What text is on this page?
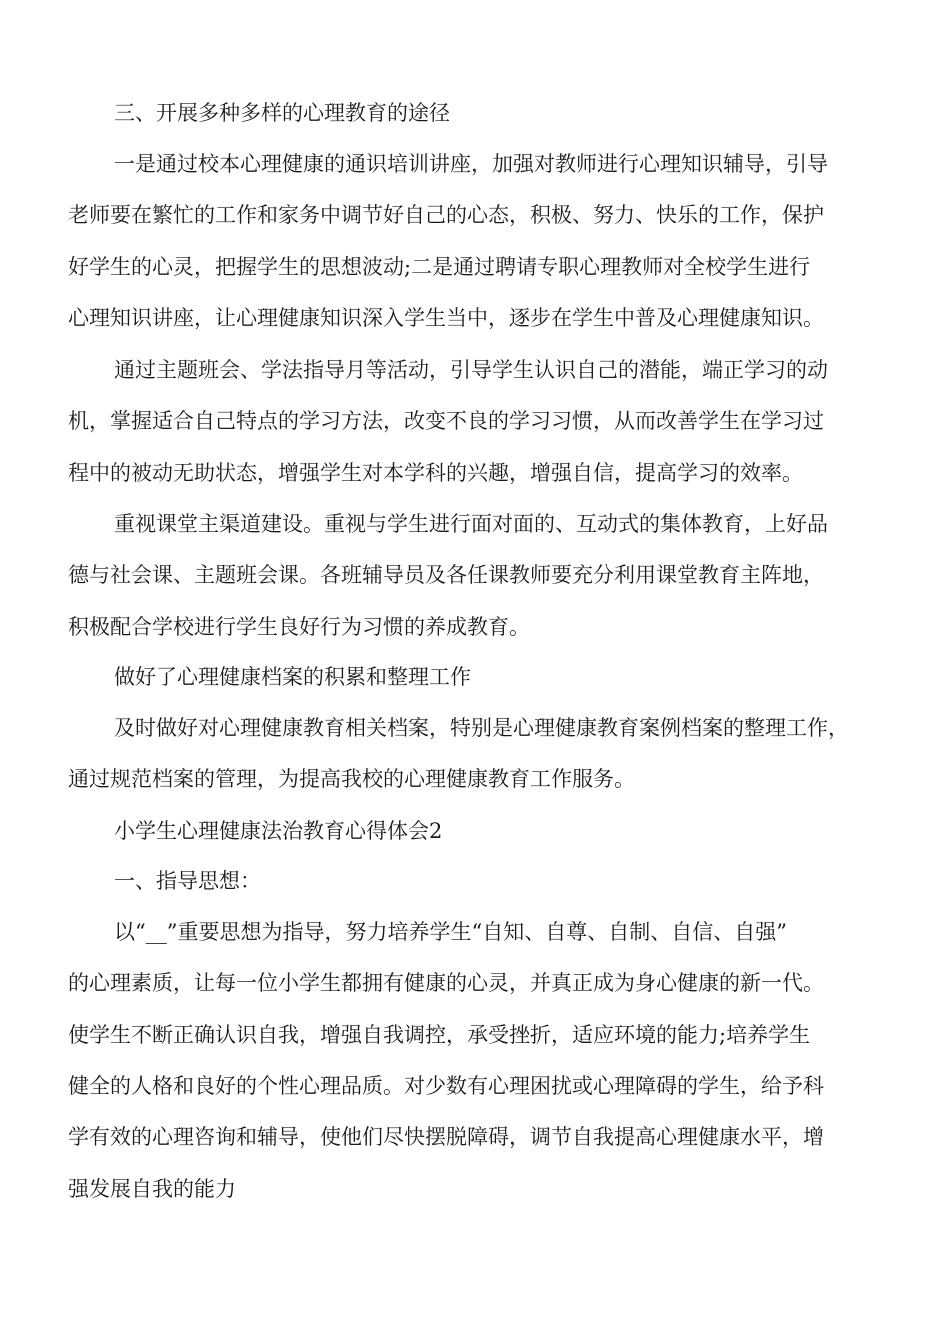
三、开展多种多样的心理教育的途径
一是通过校本心理健康的通识培训讲座，加强对教师进行心理知识辅导，引导
老师要在繁忙的工作和家务中调节好自己的心态，积极、努力、快乐的工作，保护
好学生的心灵，把握学生的思想波动;二是通过聘请专职心理教师对全校学生进行
心理知识讲座，让心理健康知识深入学生当中，逐步在学生中普及心理健康知识。
通过主题班会、学法指导月等活动，引导学生认识自己的潜能，端正学习的动
机，掌握适合自己特点的学习方法，改变不良的学习习惯，从而改善学生在学习过
程中的被动无助状态，增强学生对本学科的兴趣，增强自信，提高学习的效率。
重视课堂主渠道建设。重视与学生进行面对面的、互动式的集体教育，上好品
德与社会课、主题班会课。各班辅导员及各任课教师要充分利用课堂教育主阵地，
积极配合学校进行学生良好行为习惯的养成教育。
做好了心理健康档案的积累和整理工作
及时做好对心理健康教育相关档案，特别是心理健康教育案例档案的整理工作，
通过规范档案的管理，为提高我校的心理健康教育工作服务。
小学生心理健康法治教育心得体会2
一、指导思想：
以“__”重要思想为指导，努力培养学生“自知、自尊、自制、自信、自强”
的心理素质，让每一位小学生都拥有健康的心灵，并真正成为身心健康的新一代。
使学生不断正确认识自我，增强自我调控，承受挫折，适应环境的能力;培养学生
健全的人格和良好的个性心理品质。对少数有心理困扰或心理障碍的学生，给予科
学有效的心理咨询和辅导，使他们尽快摆脱障碍，调节自我提高心理健康水平，增
强发展自我的能力
